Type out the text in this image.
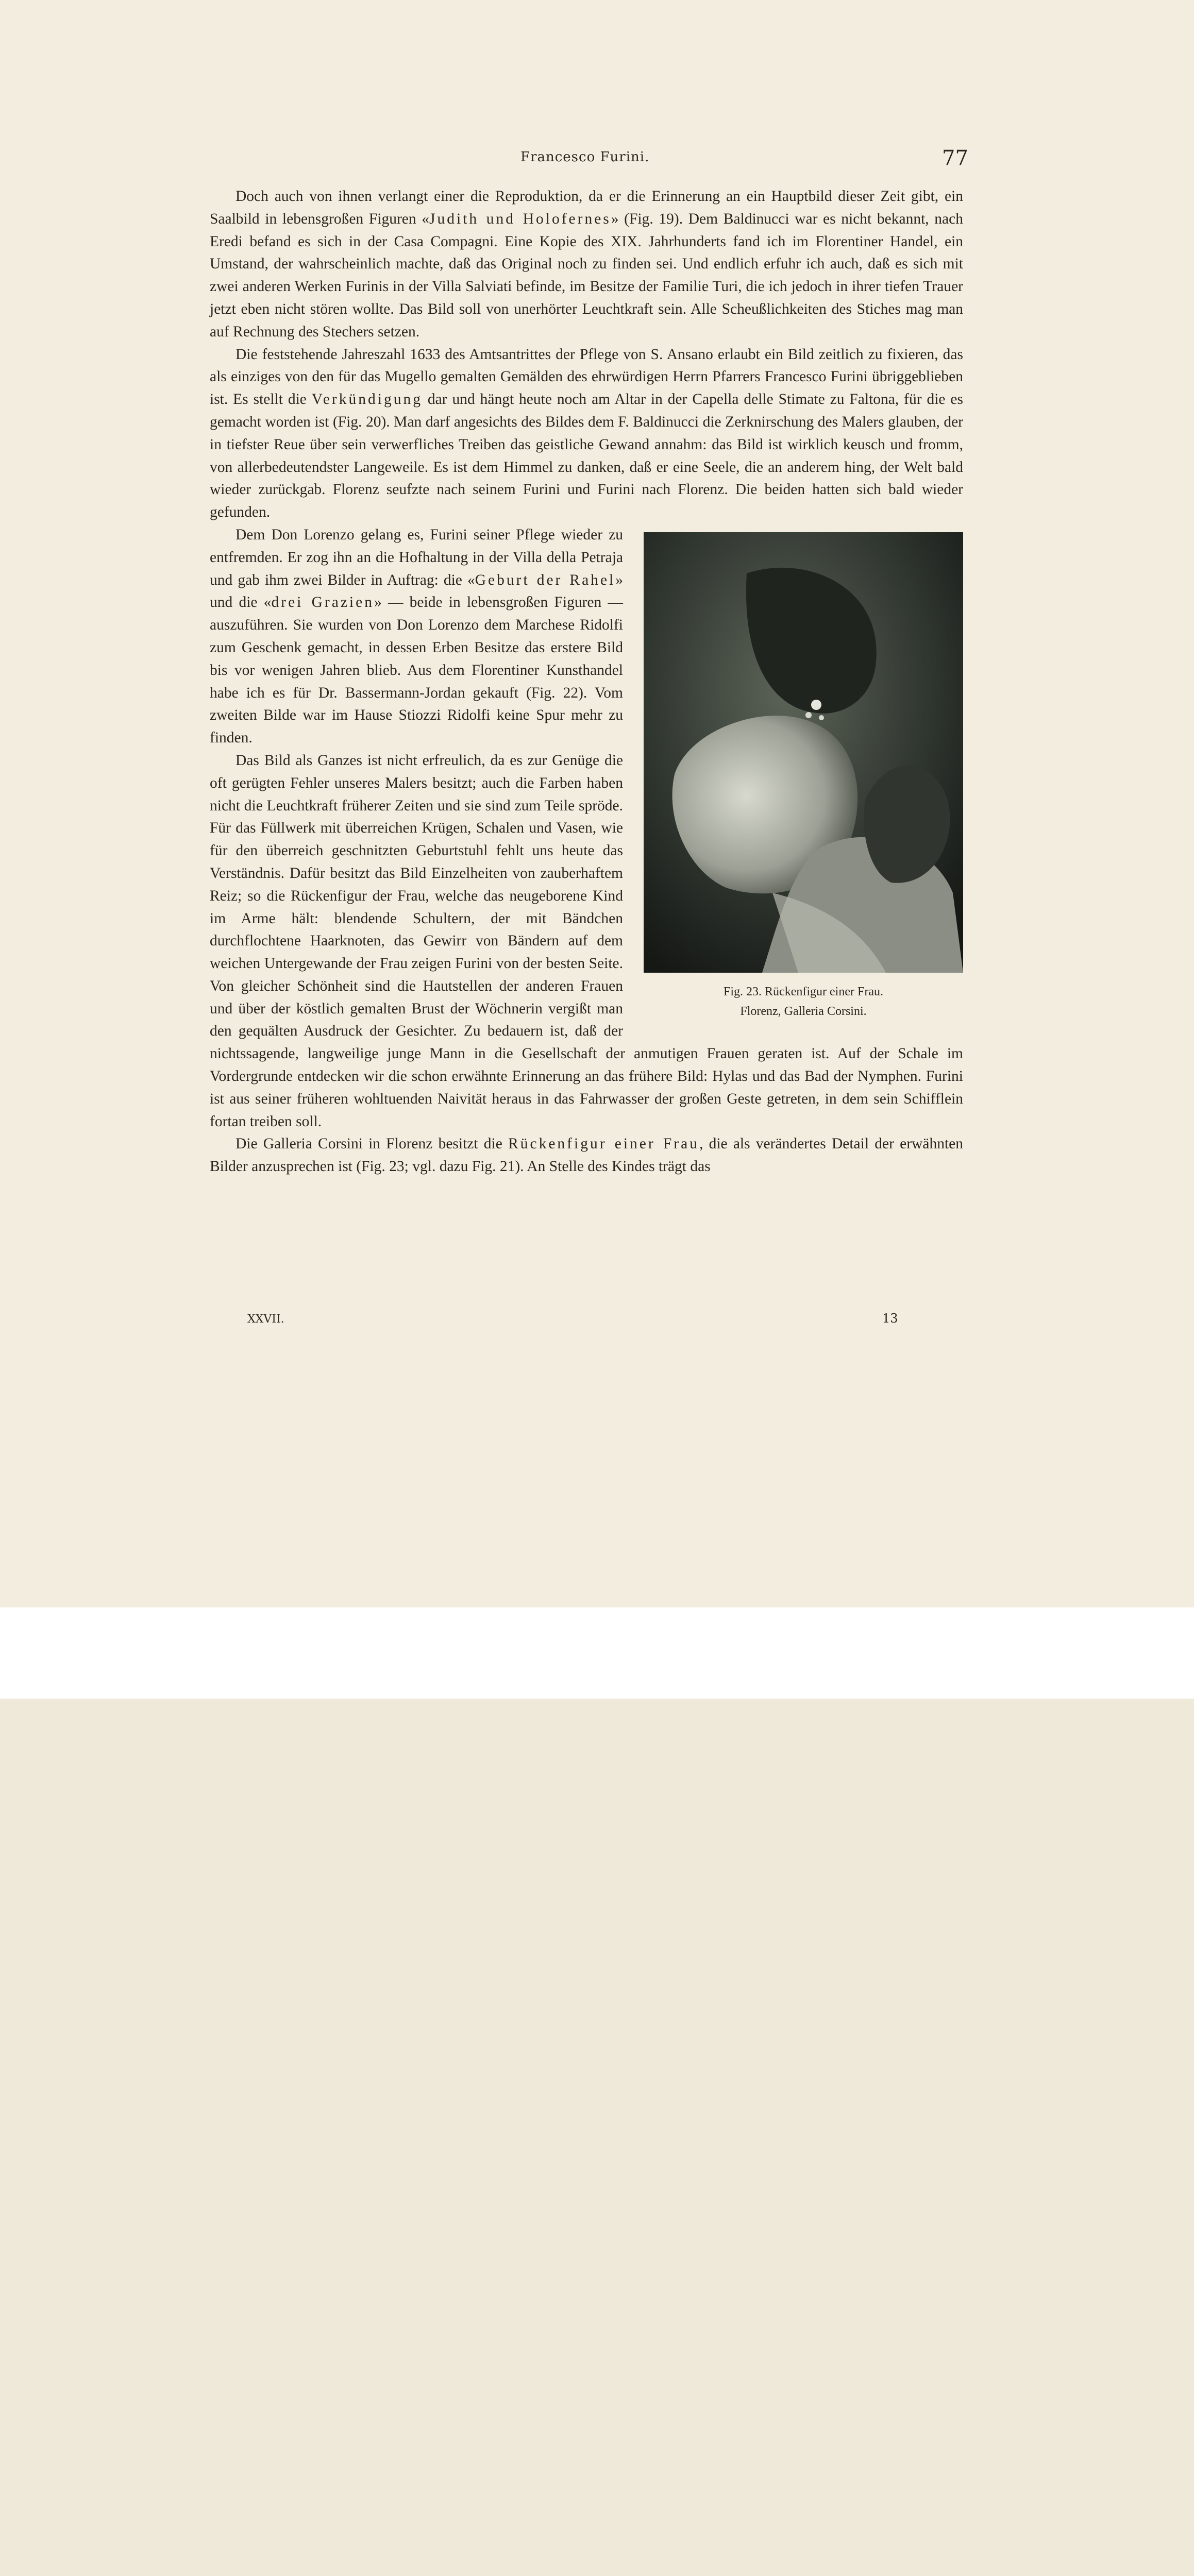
Francesco Furini.	77

Doch auch von ihnen verlangt einer die Reproduktion, da er die Erinnerung an ein Hauptbild dieser Zeit gibt, ein Saalbild in lebensgroßen Figuren «Judith und Holofernes» (Fig. 19). Dem Baldinucci war es nicht bekannt, nach Eredi befand es sich in der Casa Compagni. Eine Kopie des XIX. Jahrhunderts fand ich im Florentiner Handel, ein Umstand, der wahrscheinlich machte, daß das Original noch zu finden sei. Und endlich erfuhr ich auch, daß es sich mit zwei anderen Werken Furinis in der Villa Salviati befinde, im Besitze der Familie Turi, die ich jedoch in ihrer tiefen Trauer jetzt eben nicht stören wollte. Das Bild soll von unerhörter Leuchtkraft sein. Alle Scheußlichkeiten des Stiches mag man auf Rechnung des Stechers setzen.

Die feststehende Jahreszahl 1633 des Amtsantrittes der Pflege von S. Ansano erlaubt ein Bild zeitlich zu fixieren, das als einziges von den für das Mugello gemalten Gemälden des ehrwürdigen Herrn Pfarrers Francesco Furini übriggeblieben ist. Es stellt die Verkündigung dar und hängt heute noch am Altar in der Capella delle Stimate zu Faltona, für die es gemacht worden ist (Fig. 20). Man darf angesichts des Bildes dem F. Baldinucci die Zerknirschung des Malers glauben, der in tiefster Reue über sein verwerfliches Treiben das geistliche Gewand annahm: das Bild ist wirklich keusch und fromm, von allerbedeutendster Langeweile. Es ist dem Himmel zu danken, daß er eine Seele, die an anderem hing, der Welt bald wieder zurückgab. Florenz seufzte nach seinem Furini und Furini nach Florenz. Die beiden hatten sich bald wieder gefunden.

Fig. 23. Rückenfigur einer Frau.
Florenz, Galleria Corsini.

Dem Don Lorenzo gelang es, Furini seiner Pflege wieder zu entfremden. Er zog ihn an die Hofhaltung in der Villa della Petraja und gab ihm zwei Bilder in Auftrag: die «Geburt der Rahel» und die «drei Grazien» — beide in lebensgroßen Figuren — auszuführen. Sie wurden von Don Lorenzo dem Marchese Ridolfi zum Geschenk gemacht, in dessen Erben Besitze das erstere Bild bis vor wenigen Jahren blieb. Aus dem Florentiner Kunsthandel habe ich es für Dr. Bassermann-Jordan gekauft (Fig. 22). Vom zweiten Bilde war im Hause Stiozzi Ridolfi keine Spur mehr zu finden.

Das Bild als Ganzes ist nicht erfreulich, da es zur Genüge die oft gerügten Fehler unseres Malers besitzt; auch die Farben haben nicht die Leuchtkraft früherer Zeiten und sie sind zum Teile spröde. Für das Füllwerk mit überreichen Krügen, Schalen und Vasen, wie für den überreich geschnitzten Geburtstuhl fehlt uns heute das Verständnis. Dafür besitzt das Bild Einzelheiten von zauberhaftem Reiz; so die Rückenfigur der Frau, welche das neugeborene Kind im Arme hält: blendende Schultern, der mit Bändchen durchflochtene Haarknoten, das Gewirr von Bändern auf dem weichen Untergewande der Frau zeigen Furini von der besten Seite. Von gleicher Schönheit sind die Hautstellen der anderen Frauen und über der köstlich gemalten Brust der Wöchnerin vergißt man den gequälten Ausdruck der Gesichter. Zu bedauern ist, daß der nichtssagende, langweilige junge Mann in die Gesellschaft der anmutigen Frauen geraten ist. Auf der Schale im Vordergrunde entdecken wir die schon erwähnte Erinnerung an das frühere Bild: Hylas und das Bad der Nymphen. Furini ist aus seiner früheren wohltuenden Naivität heraus in das Fahrwasser der großen Geste getreten, in dem sein Schifflein fortan treiben soll.

Die Galleria Corsini in Florenz besitzt die Rückenfigur einer Frau, die als verändertes Detail der erwähnten Bilder anzusprechen ist (Fig. 23; vgl. dazu Fig. 21). An Stelle des Kindes trägt das

XXVII.	13
